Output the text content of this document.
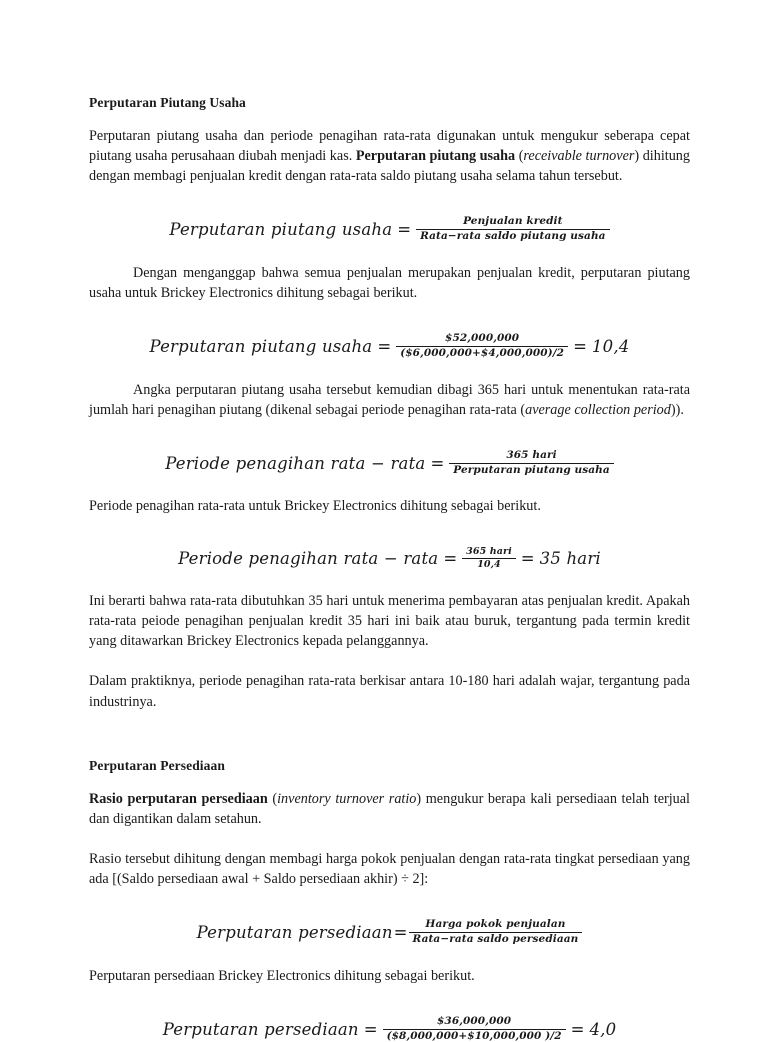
Perputaran Piutang Usaha

Perputaran piutang usaha dan periode penagihan rata-rata digunakan untuk mengukur seberapa cepat piutang usaha perusahaan diubah menjadi kas. Perputaran piutang usaha (receivable turnover) dihitung dengan membagi penjualan kredit dengan rata-rata saldo piutang usaha selama tahun tersebut.

Perputaran piutang usaha = $\frac{\text{Penjualan kredit}}{\text{Rata−rata saldo piutang usaha}}$

Dengan menganggap bahwa semua penjualan merupakan penjualan kredit, perputaran piutang usaha untuk Brickey Electronics dihitung sebagai berikut.

Perputaran piutang usaha = $\frac{\$52,000,000}{(\$6,000,000+\$4,000,000)/2} = 10,4$

Angka perputaran piutang usaha tersebut kemudian dibagi 365 hari untuk menentukan rata-rata jumlah hari penagihan piutang (dikenal sebagai periode penagihan rata-rata (average collection period)).

Periode penagihan rata − rata = $\frac{\text{365 hari}}{\text{Perputaran piutang usaha}}$

Periode penagihan rata-rata untuk Brickey Electronics dihitung sebagai berikut.

Periode penagihan rata − rata = $\frac{\text{365 hari}}{10,4} = 35$ hari

Ini berarti bahwa rata-rata dibutuhkan 35 hari untuk menerima pembayaran atas penjualan kredit. Apakah rata-rata peiode penagihan penjualan kredit 35 hari ini baik atau buruk, tergantung pada termin kredit yang ditawarkan Brickey Electronics kepada pelanggannya.

Dalam praktiknya, periode penagihan rata-rata berkisar antara 10-180 hari adalah wajar, tergantung pada industrinya.

Perputaran Persediaan

Rasio perputaran persediaan (inventory turnover ratio) mengukur berapa kali persediaan telah terjual dan digantikan dalam setahun.

Rasio tersebut dihitung dengan membagi harga pokok penjualan dengan rata-rata tingkat persediaan yang ada [(Saldo persediaan awal + Saldo persediaan akhir) ÷ 2]:

Perputaran persediaan = $\frac{\text{Harga pokok penjualan}}{\text{Rata−rata saldo persediaan}}$

Perputaran persediaan Brickey Electronics dihitung sebagai berikut.

Perputaran persediaan = $\frac{\$36,000,000}{(\$8,000,000+\$10,000,000 )/2} = 4,0$
